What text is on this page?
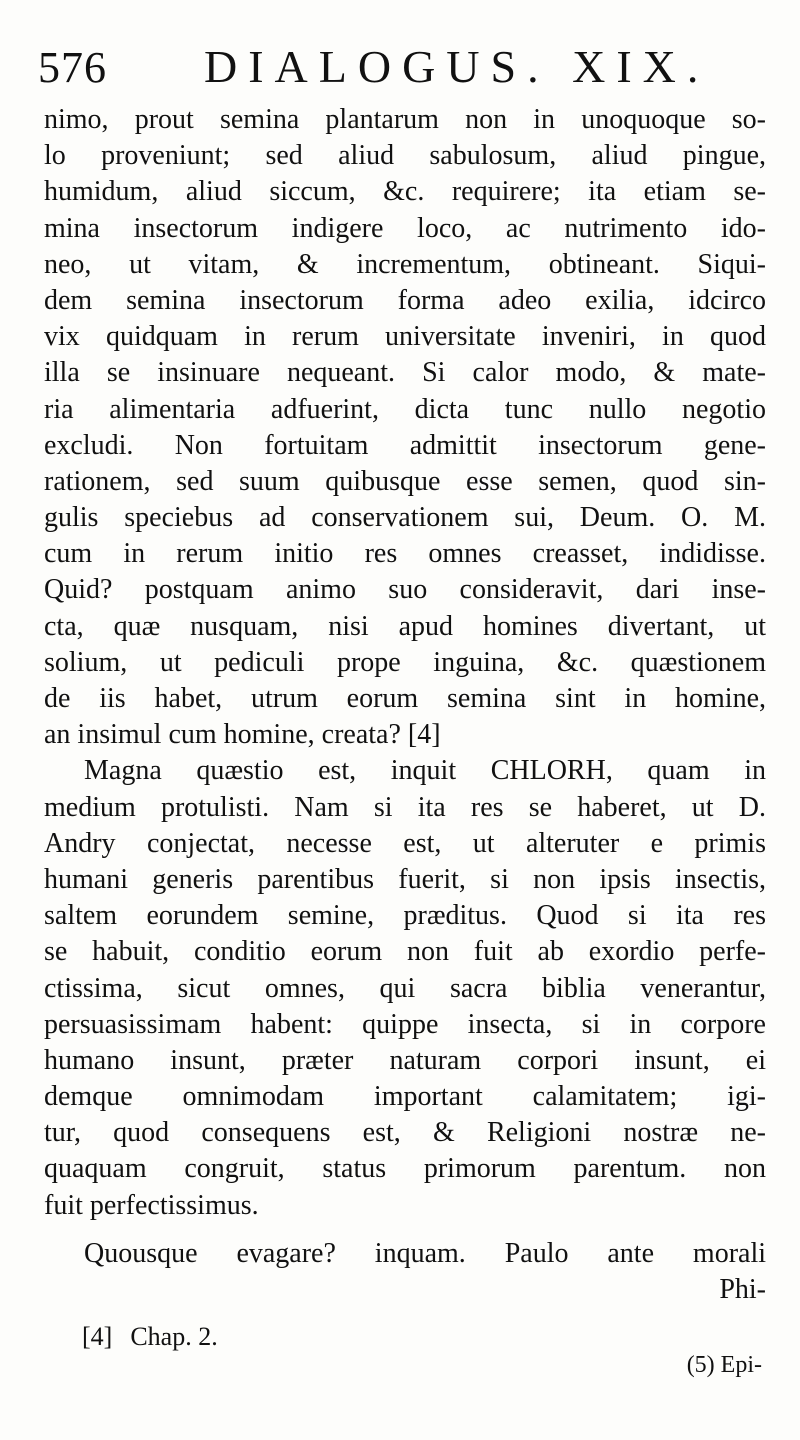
576 DIALOGUS. XIX.
nimo, prout semina plantarum non in unoquoque so-
lo proveniunt; sed aliud sabulosum, aliud pingue,
humidum, aliud siccum, &c. requirere; ita etiam se-
mina insectorum indigere loco, ac nutrimento ido-
neo, ut vitam, & incrementum, obtineant. Siqui-
dem semina insectorum forma adeo exilia, idcirco
vix quidquam in rerum universitate inveniri, in quod
illa se insinuare nequeant. Si calor modo, & mate-
ria alimentaria adfuerint, dicta tunc nullo negotio
excludi. Non fortuitam admittit insectorum gene-
rationem, sed suum quibusque esse semen, quod sin-
gulis speciebus ad conservationem sui, Deum. O. M.
cum in rerum initio res omnes creasset, indidisse.
Quid? postquam animo suo consideravit, dari inse-
cta, quæ nusquam, nisi apud homines divertant, ut
solium, ut pediculi prope inguina, &c. quæstionem
de iis habet, utrum eorum semina sint in homine,
an insimul cum homine, creata? [4]
Magna quæstio est, inquit CHLORH, quam in
medium protulisti. Nam si ita res se haberet, ut D.
Andry conjectat, necesse est, ut alteruter e primis
humani generis parentibus fuerit, si non ipsis insectis,
saltem eorundem semine, præditus. Quod si ita res
se habuit, conditio eorum non fuit ab exordio perfe-
ctissima, sicut omnes, qui sacra biblia venerantur,
persuasissimam habent: quippe insecta, si in corpore
humano insunt, præter naturam corpori insunt, ei
demque omnimodam important calamitatem; igi-
tur, quod consequens est, & Religioni nostræ ne-
quaquam congruit, status primorum parentum. non
fuit perfectissimus.
Quousque evagare? inquam. Paulo ante morali
Phi-
[4] Chap. 2.
(5) Epi-
